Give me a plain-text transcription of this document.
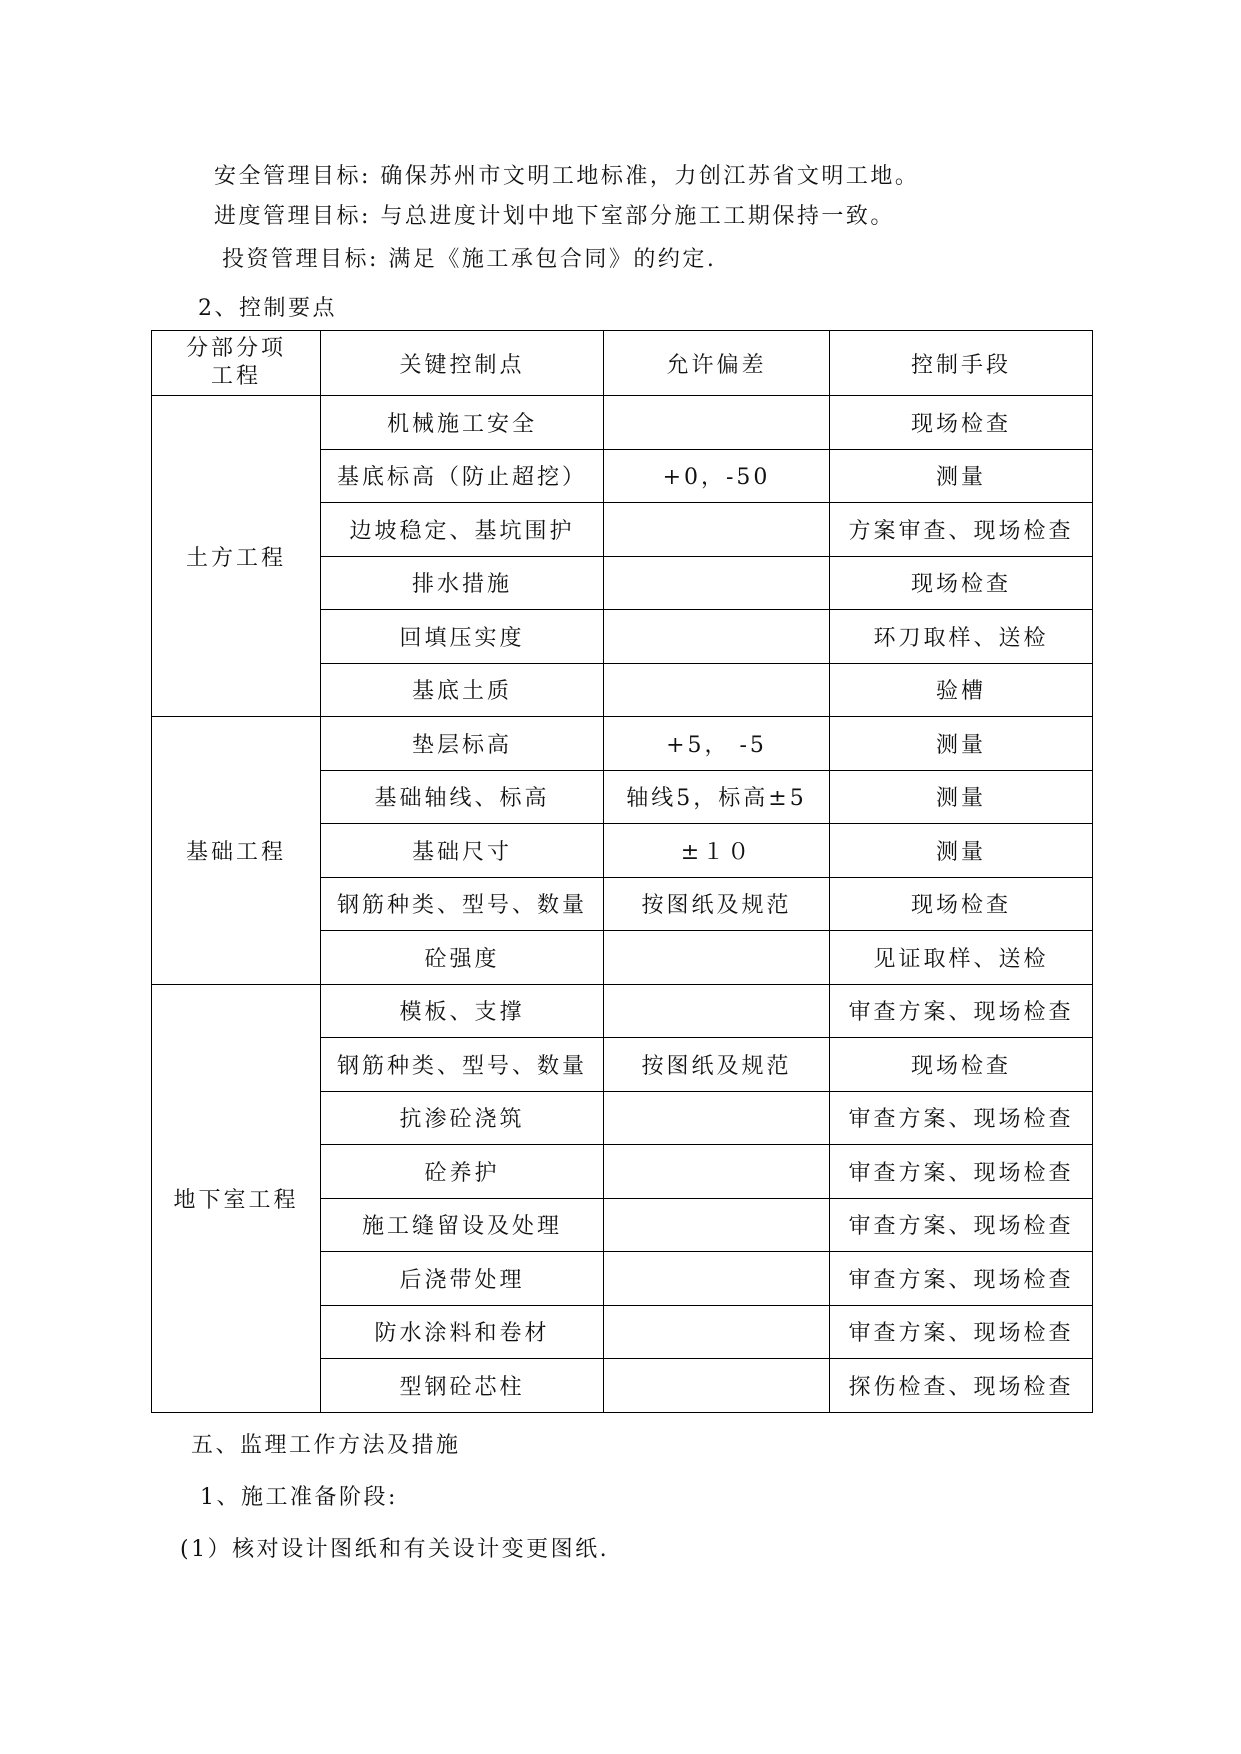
安全管理目标: 确保苏州市文明工地标准，力创江苏省文明工地。
进度管理目标: 与总进度计划中地下室部分施工工期保持一致。
投资管理目标: 满足《施工承包合同》的约定.
2、控制要点
分部分项
工程	关键控制点	允许偏差	控制手段
土方工程	机械施工安全		现场检查
	基底标高（防止超挖）	+0，-50	测量
	边坡稳定、基坑围护		方案审查、现场检查
	排水措施		现场检查
	回填压实度		环刀取样、送检
	基底土质		验槽
基础工程	垫层标高	+5， -5	测量
	基础轴线、标高	轴线5，标高±5	测量
	基础尺寸	±１０	测量
	钢筋种类、型号、数量	按图纸及规范	现场检查
	砼强度		见证取样、送检
地下室工程	模板、支撑		审查方案、现场检查
	钢筋种类、型号、数量	按图纸及规范	现场检查
	抗渗砼浇筑		审查方案、现场检查
	砼养护		审查方案、现场检查
	施工缝留设及处理		审查方案、现场检查
	后浇带处理		审查方案、现场检查
	防水涂料和卷材		审查方案、现场检查
	型钢砼芯柱		探伤检查、现场检查
五、监理工作方法及措施
1、施工准备阶段:
(1）核对设计图纸和有关设计变更图纸.
